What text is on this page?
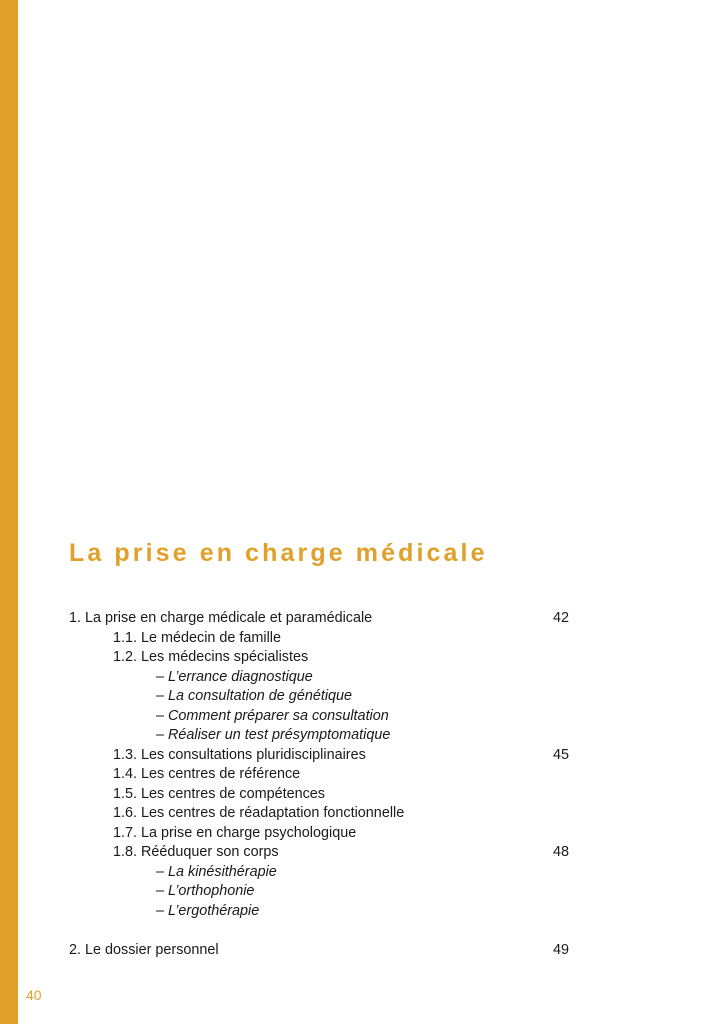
La prise en charge médicale
1. La prise en charge médicale et paramédicale	42
1.1. Le médecin de famille
1.2. Les médecins spécialistes
– L’errance diagnostique
– La consultation de génétique
– Comment préparer sa consultation
– Réaliser un test présymptomatique
1.3. Les consultations pluridisciplinaires	45
1.4. Les centres de référence
1.5. Les centres de compétences
1.6. Les centres de réadaptation fonctionnelle
1.7. La prise en charge psychologique
1.8. Rééduquer son corps	48
– La kinésithérapie
– L’orthophonie
– L’ergothérapie
2. Le dossier personnel	49
40
